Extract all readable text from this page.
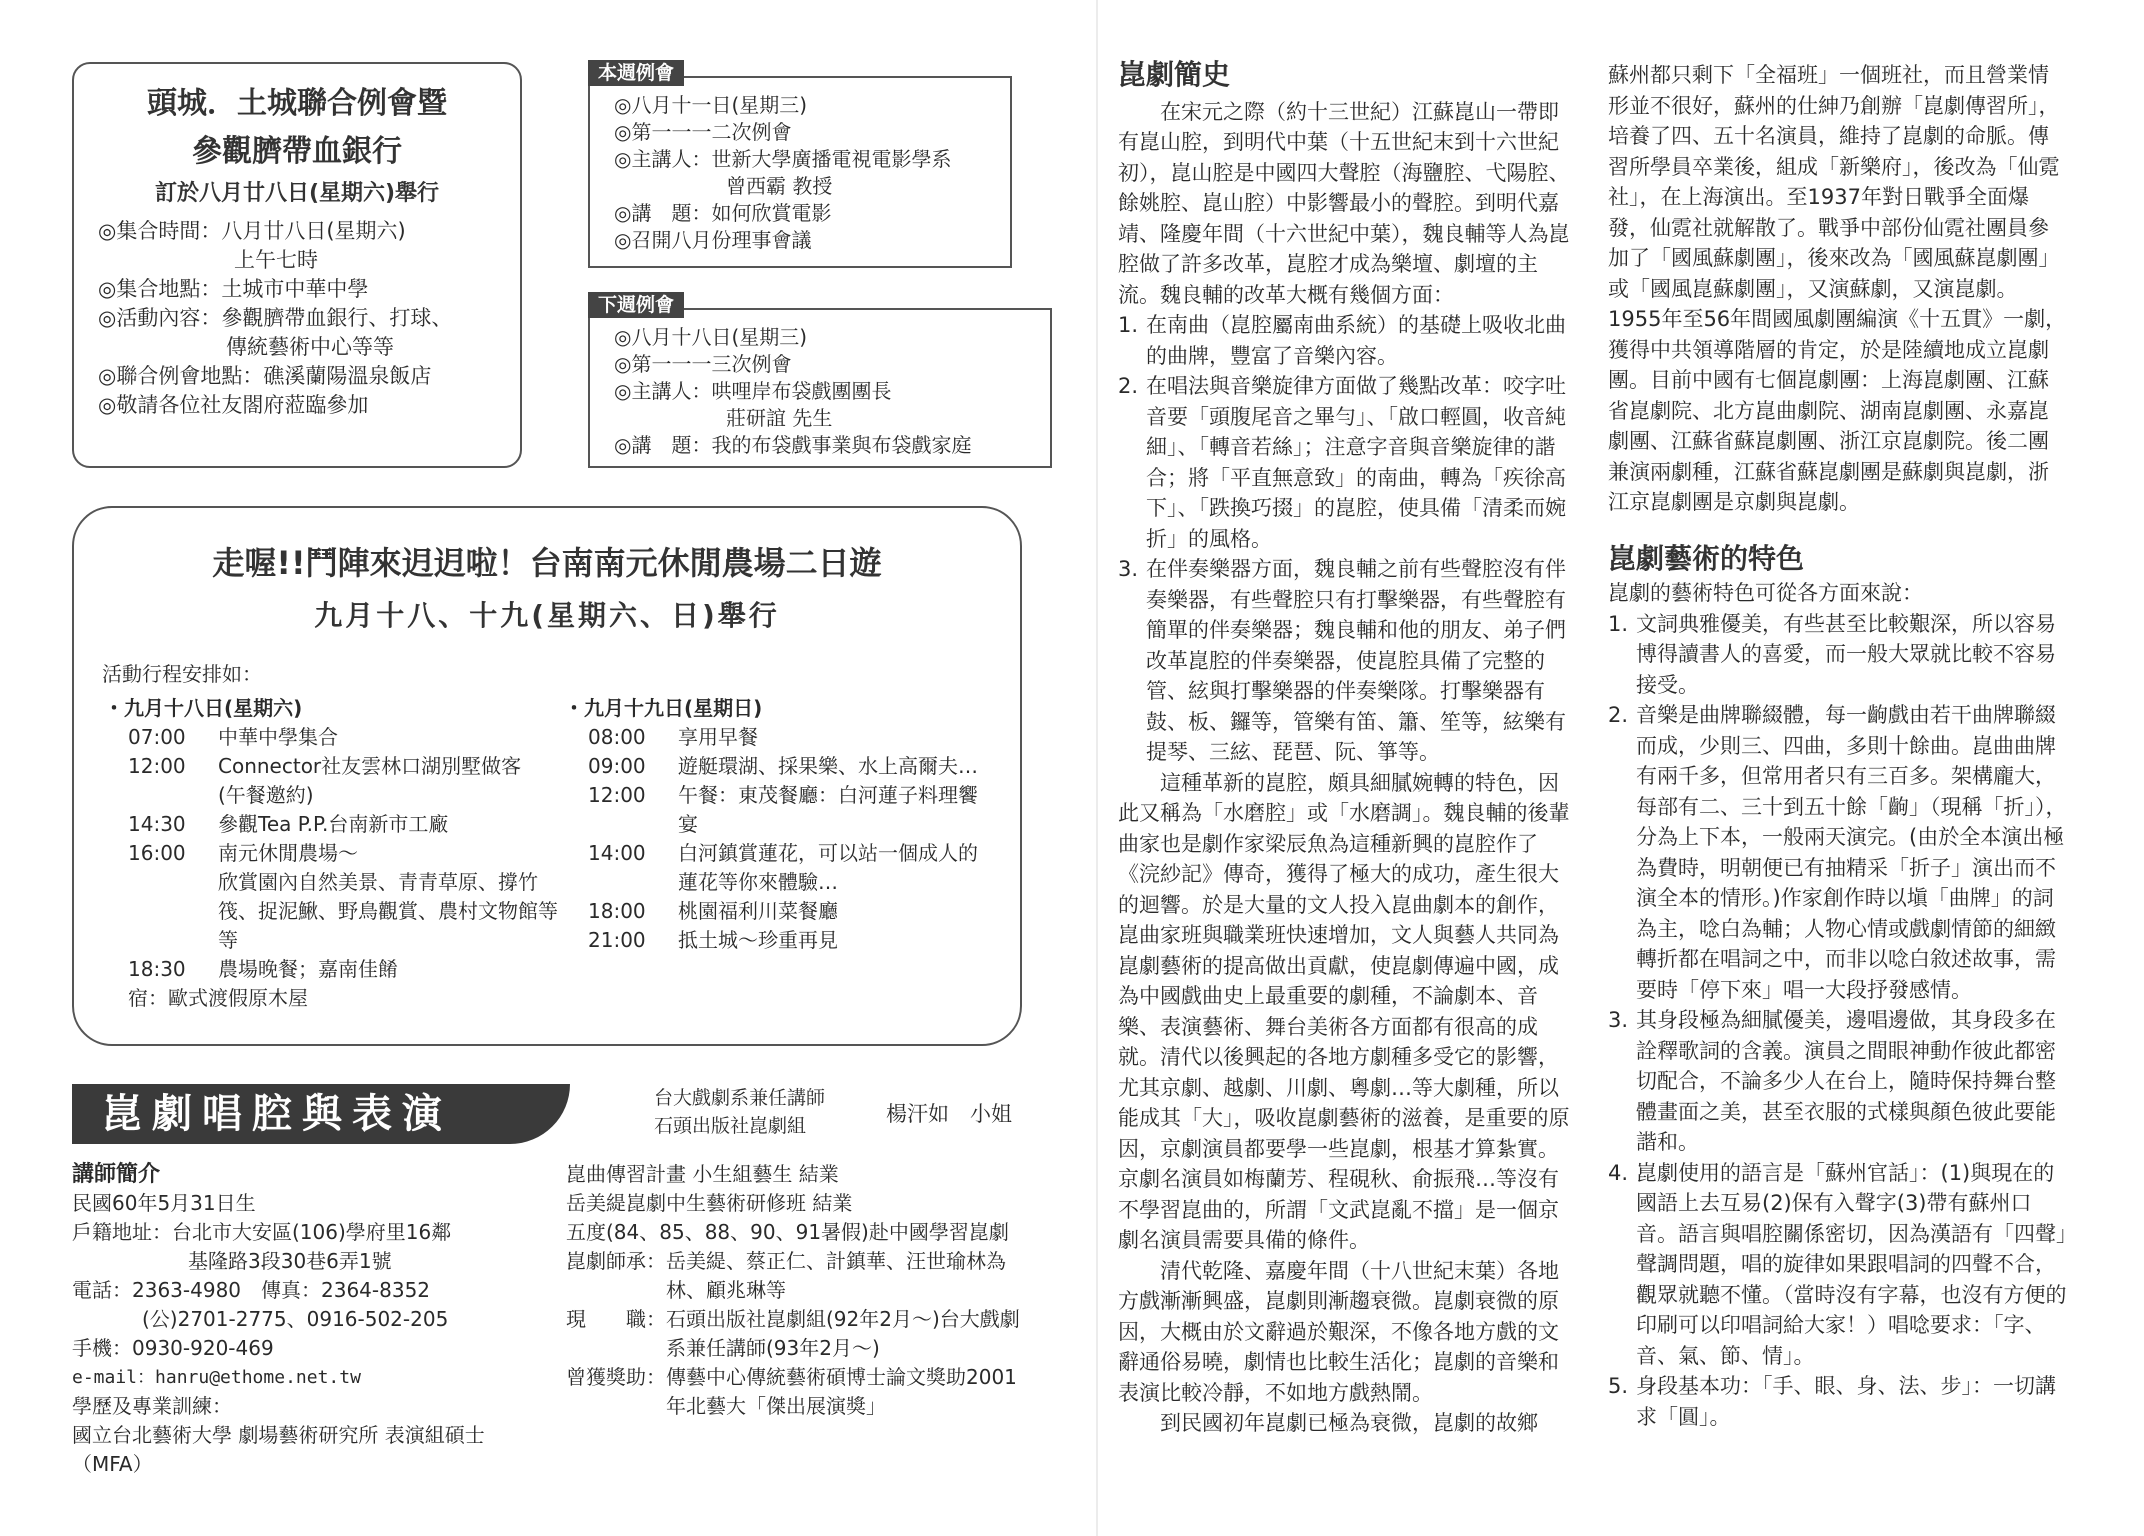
頭城．土城聯合例會暨
參觀臍帶血銀行
訂於八月廿八日(星期六)舉行
◎集合時間： 八月廿八日(星期六)
上午七時
◎集合地點： 土城市中華中學
◎活動內容： 參觀臍帶血銀行、打球、
傳統藝術中心等等
◎聯合例會地點： 礁溪蘭陽溫泉飯店
◎敬請各位社友閤府蒞臨參加
本週例會
◎八月十一日(星期三)
◎第一一一二次例會
◎主講人：世新大學廣播電視電影學系
曾西霸 教授
◎講　題：如何欣賞電影
◎召開八月份理事會議
下週例會
◎八月十八日(星期三)
◎第一一一三次例會
◎主講人：哄哩岸布袋戲團團長
莊研誼 先生
◎講　題：我的布袋戲事業與布袋戲家庭
走喔!!鬥陣來迌迌啦！台南南元休閒農場二日遊
九月十八、十九(星期六、日)舉行
活動行程安排如：
・九月十八日(星期六)
07:00	中華中學集合
12:00	Connector社友雲林口湖別墅做客
(午餐邀約)
14:30	參觀Tea P.P.台南新市工廠
16:00	南元休閒農場～
欣賞園內自然美景、青青草原、撐竹筏、捉泥鰍、野鳥觀賞、農村文物館等等
18:30	農場晚餐；嘉南佳餚
宿： 歐式渡假原木屋
・九月十九日(星期日)
08:00	享用早餐
09:00	遊艇環湖、採果樂、水上高爾夫…
12:00	午餐：東茂餐廳：白河蓮子料理饗宴
14:00	白河鎮賞蓮花，可以站一個成人的蓮花等你來體驗…
18:00	桃園福利川菜餐廳
21:00	抵土城～珍重再見
崑劇唱腔與表演	台大戲劇系兼任講師
石頭出版社崑劇組	楊汗如　小姐
講師簡介
民國60年5月31日生
戶籍地址：台北市大安區(106)學府里16鄰
基隆路3段30巷6弄1號
電話：2363-4980　傳真：2364-8352
(公)2701-2775、0916-502-205
手機：0930-920-469
e-mail：hanru@ethome.net.tw
學歷及專業訓練：
國立台北藝術大學 劇場藝術研究所 表演組碩士（MFA）
崑曲傳習計畫 小生組藝生 結業
岳美緹崑劇中生藝術研修班 結業
五度(84、85、88、90、91暑假)赴中國學習崑劇
崑劇師承： 岳美緹、蔡正仁、計鎮華、汪世瑜林為林、顧兆琳等
現　　職： 石頭出版社崑劇組(92年2月～)台大戲劇系兼任講師(93年2月～)
曾獲獎助： 傳藝中心傳統藝術碩博士論文獎助2001年北藝大「傑出展演獎」
崑劇簡史
在宋元之際（約十三世紀）江蘇崑山一帶即有崑山腔，到明代中葉（十五世紀末到十六世紀初），崑山腔是中國四大聲腔（海鹽腔、弋陽腔、餘姚腔、崑山腔）中影響最小的聲腔。到明代嘉靖、隆慶年間（十六世紀中葉），魏良輔等人為崑腔做了許多改革，崑腔才成為樂壇、劇壇的主流。魏良輔的改革大概有幾個方面：
1. 在南曲（崑腔屬南曲系統）的基礎上吸收北曲的曲牌，豐富了音樂內容。
2. 在唱法與音樂旋律方面做了幾點改革：咬字吐音要「頭腹尾音之畢勻」、「啟口輕圓，收音純細」、「轉音若絲」；注意字音與音樂旋律的諧合；將「平直無意致」的南曲，轉為「疾徐高下」、「跌換巧掇」的崑腔，使具備「清柔而婉折」的風格。
3. 在伴奏樂器方面，魏良輔之前有些聲腔沒有伴奏樂器，有些聲腔只有打擊樂器，有些聲腔有簡單的伴奏樂器；魏良輔和他的朋友、弟子們改革崑腔的伴奏樂器，使崑腔具備了完整的管、絃與打擊樂器的伴奏樂隊。打擊樂器有鼓、板、鑼等，管樂有笛、簫、笙等，絃樂有提琴、三絃、琵琶、阮、箏等。
這種革新的崑腔，頗具細膩婉轉的特色，因此又稱為「水磨腔」或「水磨調」。魏良輔的後輩曲家也是劇作家梁辰魚為這種新興的崑腔作了《浣紗記》傳奇，獲得了極大的成功，產生很大的迴響。於是大量的文人投入崑曲劇本的創作，崑曲家班與職業班快速增加，文人與藝人共同為崑劇藝術的提高做出貢獻，使崑劇傳遍中國，成為中國戲曲史上最重要的劇種，不論劇本、音樂、表演藝術、舞台美術各方面都有很高的成就。清代以後興起的各地方劇種多受它的影響，尤其京劇、越劇、川劇、粵劇…等大劇種，所以能成其「大」，吸收崑劇藝術的滋養，是重要的原因，京劇演員都要學一些崑劇，根基才算紮實。京劇名演員如梅蘭芳、程硯秋、俞振飛…等沒有不學習崑曲的，所謂「文武崑亂不擋」是一個京劇名演員需要具備的條件。
清代乾隆、嘉慶年間（十八世紀末葉）各地方戲漸漸興盛，崑劇則漸趨衰微。崑劇衰微的原因，大概由於文辭過於艱深，不像各地方戲的文辭通俗易曉，劇情也比較生活化；崑劇的音樂和表演比較冷靜，不如地方戲熱鬧。
到民國初年崑劇已極為衰微，崑劇的故鄉
蘇州都只剩下「全福班」一個班社，而且營業情形並不很好，蘇州的仕紳乃創辦「崑劇傳習所」，培養了四、五十名演員，維持了崑劇的命脈。傳習所學員卒業後，組成「新樂府」，後改為「仙霓社」，在上海演出。至1937年對日戰爭全面爆發，仙霓社就解散了。戰爭中部份仙霓社團員參加了「國風蘇劇團」，後來改為「國風蘇崑劇團」或「國風崑蘇劇團」，又演蘇劇，又演崑劇。1955年至56年間國風劇團編演《十五貫》一劇，獲得中共領導階層的肯定，於是陸續地成立崑劇團。目前中國有七個崑劇團：上海崑劇團、江蘇省崑劇院、北方崑曲劇院、湖南崑劇團、永嘉崑劇團、江蘇省蘇崑劇團、浙江京崑劇院。後二團兼演兩劇種，江蘇省蘇崑劇團是蘇劇與崑劇，浙江京崑劇團是京劇與崑劇。
崑劇藝術的特色
崑劇的藝術特色可從各方面來說：
1. 文詞典雅優美，有些甚至比較艱深，所以容易博得讀書人的喜愛，而一般大眾就比較不容易接受。
2. 音樂是曲牌聯綴體，每一齣戲由若干曲牌聯綴而成，少則三、四曲，多則十餘曲。崑曲曲牌有兩千多，但常用者只有三百多。架構龐大，每部有二、三十到五十餘「齣」（現稱「折」），分為上下本，一般兩天演完。(由於全本演出極為費時，明朝便已有抽精采「折子」演出而不演全本的情形。)作家創作時以塡「曲牌」的詞為主，唸白為輔；人物心情或戲劇情節的細緻轉折都在唱詞之中，而非以唸白敘述故事，需要時「停下來」唱一大段抒發感情。
3. 其身段極為細膩優美，邊唱邊做，其身段多在詮釋歌詞的含義。演員之間眼神動作彼此都密切配合，不論多少人在台上，隨時保持舞台整體畫面之美，甚至衣服的式樣與顏色彼此要能諧和。
4. 崑劇使用的語言是「蘇州官話」：(1)與現在的國語上去互易(2)保有入聲字(3)帶有蘇州口音。語言與唱腔關係密切，因為漢語有「四聲」聲調問題，唱的旋律如果跟唱詞的四聲不合，觀眾就聽不懂。（當時沒有字幕，也沒有方便的印刷可以印唱詞給大家！）唱唸要求：「字、音、氣、節、情」。
5. 身段基本功：「手、眼、身、法、步」：一切講求「圓」。
